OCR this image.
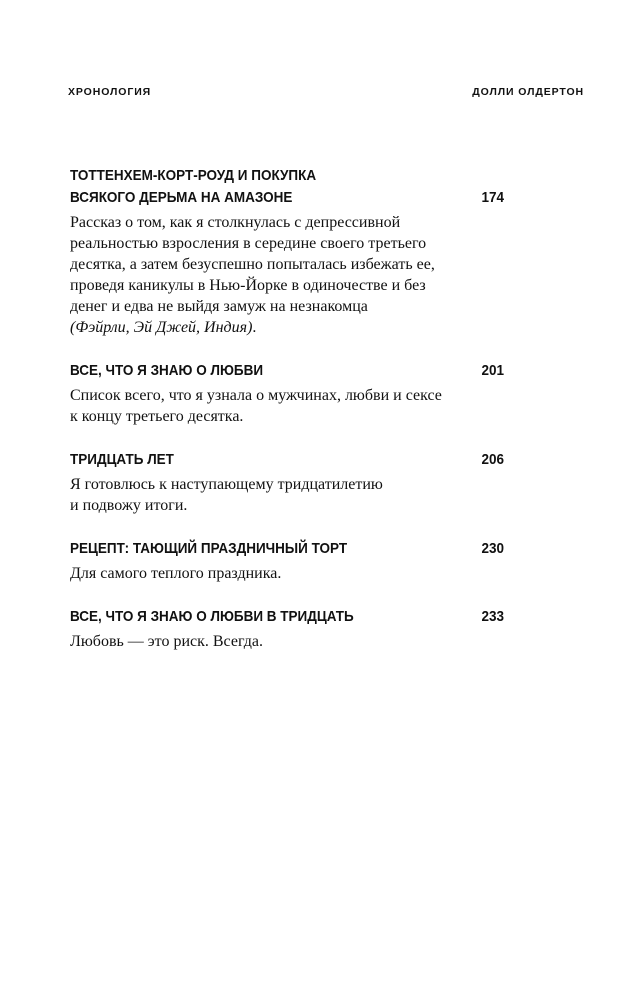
ХРОНОЛОГИЯ	ДОЛЛИ ОЛДЕРТОН
ТОТТЕНХЕМ-КОРТ-РОУД И ПОКУПКА
ВСЯКОГО ДЕРЬМА НА АМАЗОНЕ	174
Рассказ о том, как я столкнулась с депрессивной
реальностью взросления в середине своего третьего
десятка, а затем безуспешно попыталась избежать ее,
проведя каникулы в Нью-Йорке в одиночестве и без
денег и едва не выйдя замуж на незнакомца
(Фэйрли, Эй Джей, Индия).
ВСЕ, ЧТО Я ЗНАЮ О ЛЮБВИ	201
Список всего, что я узнала о мужчинах, любви и сексе
к концу третьего десятка.
ТРИДЦАТЬ ЛЕТ	206
Я готовлюсь к наступающему тридцатилетию
и подвожу итоги.
РЕЦЕПТ: ТАЮЩИЙ ПРАЗДНИЧНЫЙ ТОРТ	230
Для самого теплого праздника.
ВСЕ, ЧТО Я ЗНАЮ О ЛЮБВИ В ТРИДЦАТЬ	233
Любовь — это риск. Всегда.
